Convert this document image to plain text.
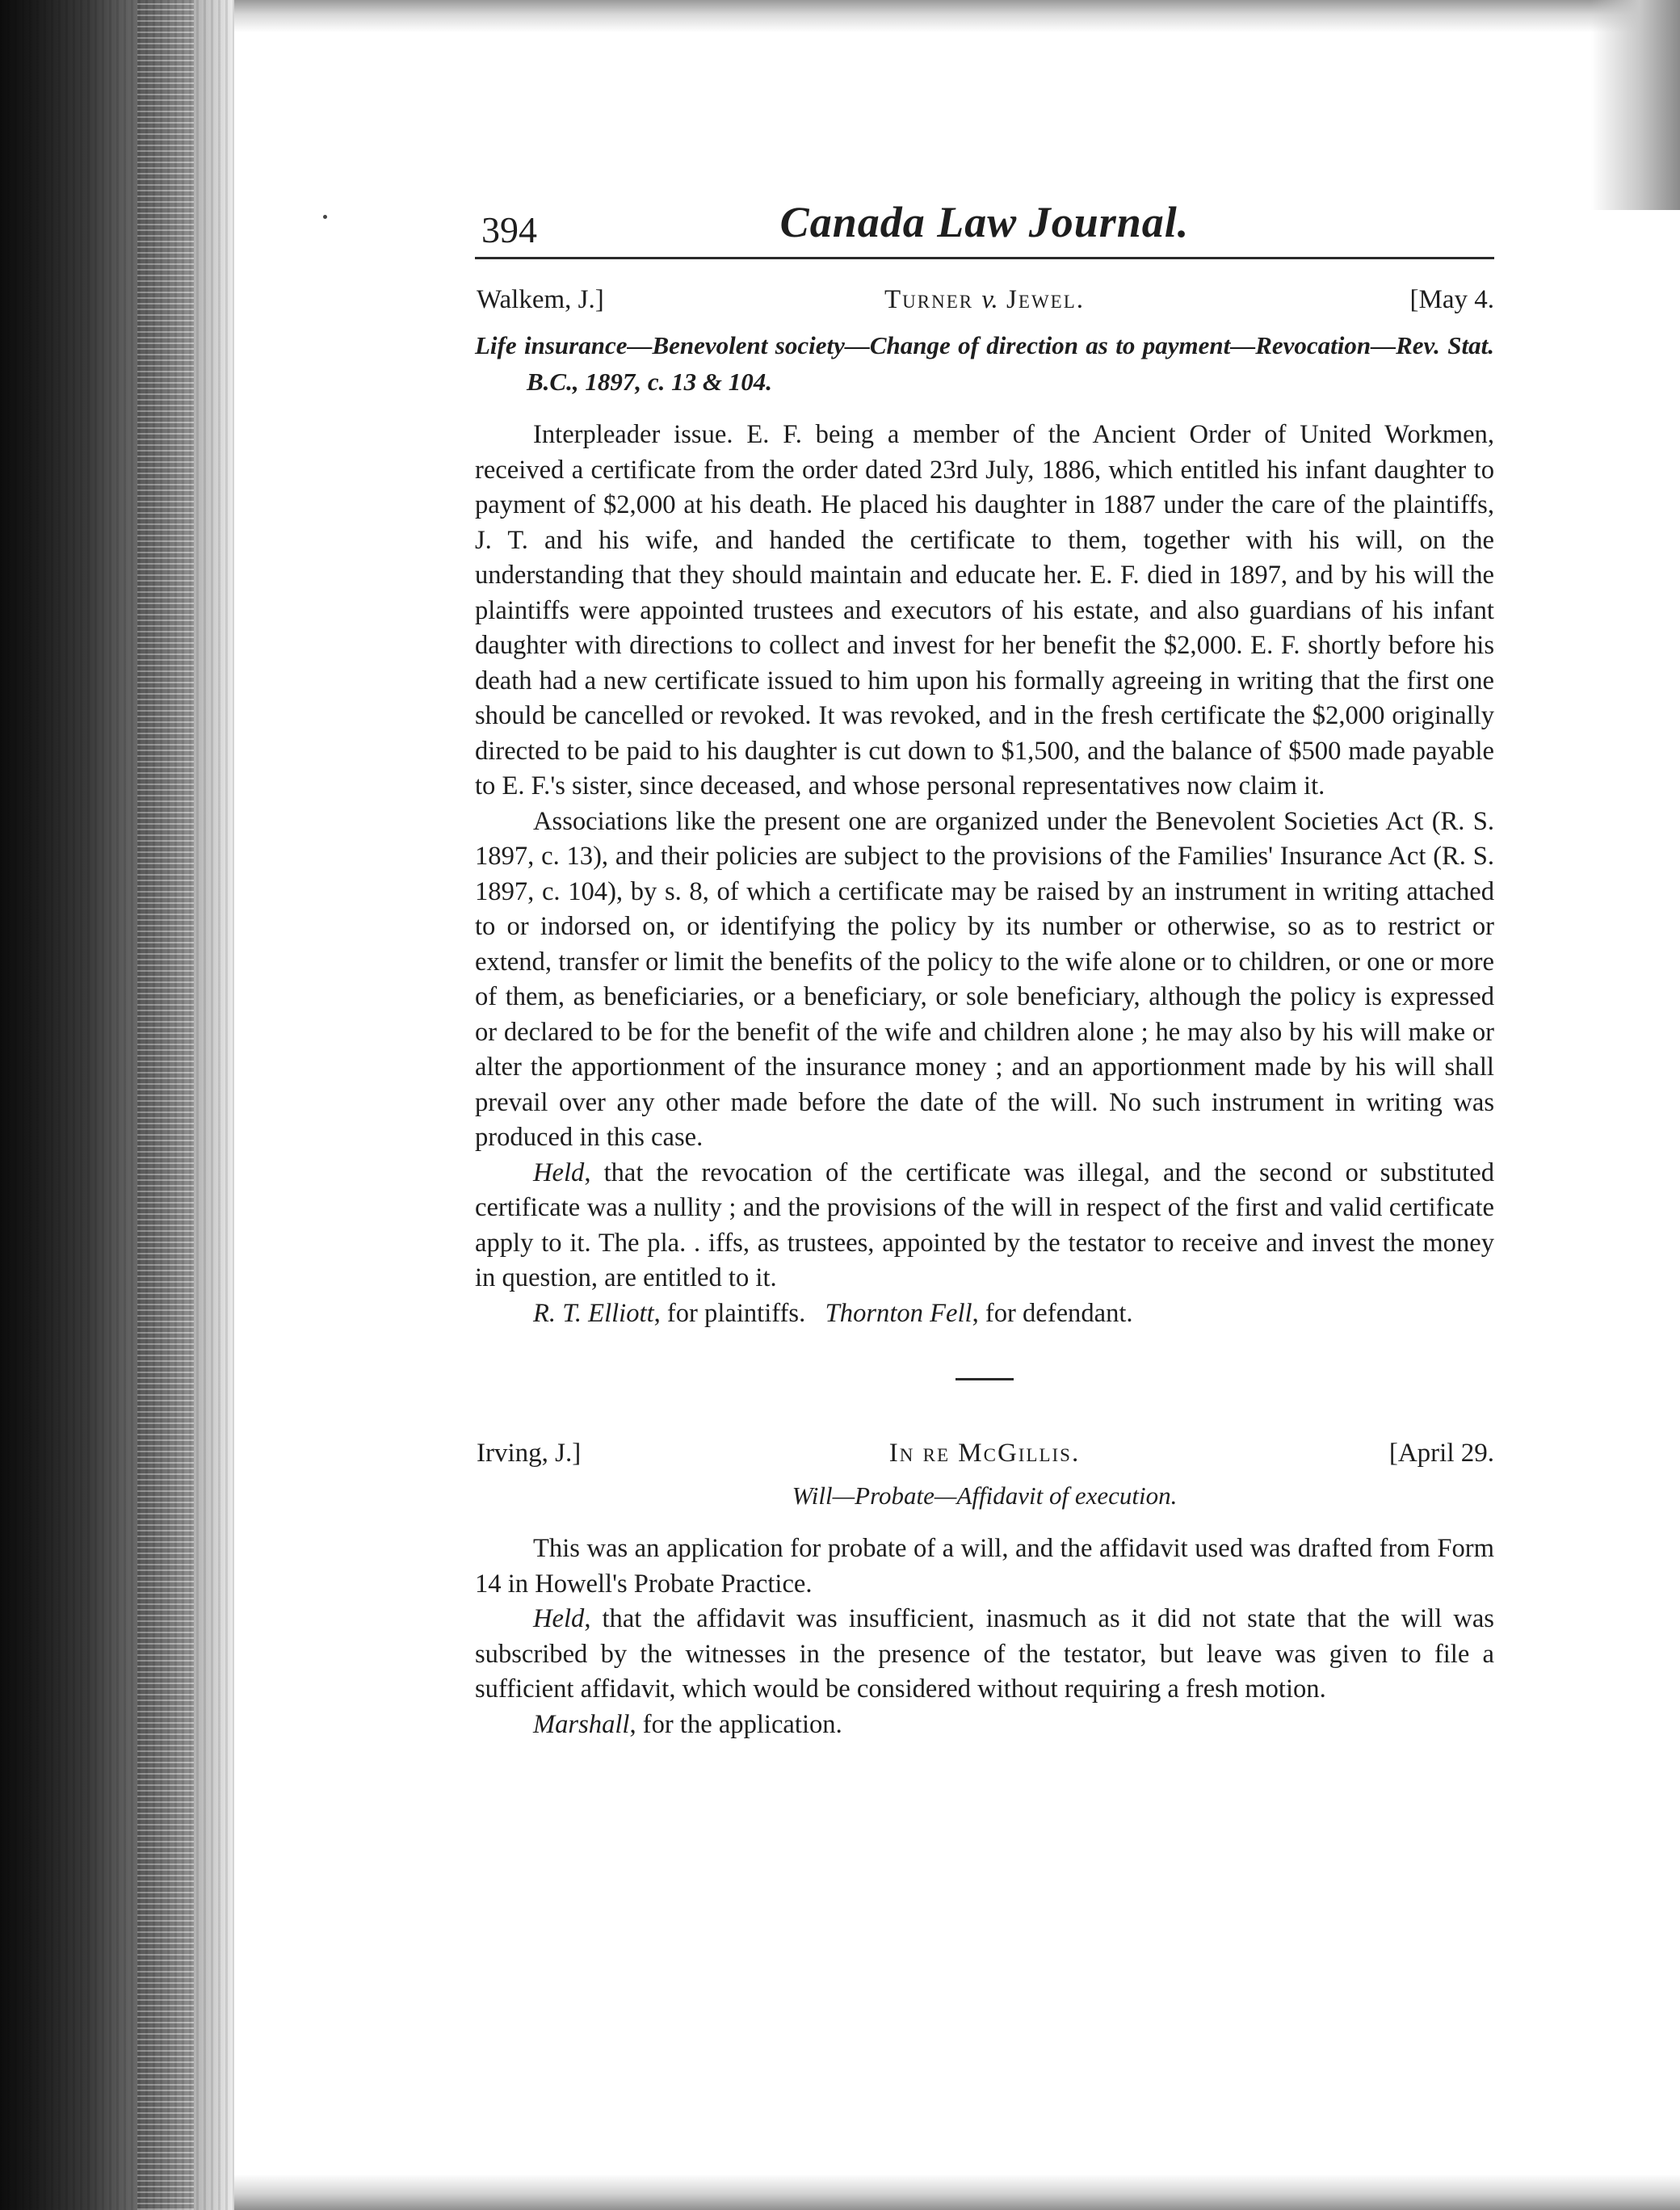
394	Canada Law Journal.
Walkem, J.]	Turner v. Jewel.	[May 4.
Life insurance—Benevolent society—Change of direction as to payment—Revocation—Rev. Stat. B.C., 1897, c. 13 & 104.

Interpleader issue. E. F. being a member of the Ancient Order of United Workmen, received a certificate from the order dated 23rd July, 1886, which entitled his infant daughter to payment of $2,000 at his death. He placed his daughter in 1887 under the care of the plaintiffs, J. T. and his wife, and handed the certificate to them, together with his will, on the understanding that they should maintain and educate her. E. F. died in 1897, and by his will the plaintiffs were appointed trustees and executors of his estate, and also guardians of his infant daughter with directions to collect and invest for her benefit the $2,000. E. F. shortly before his death had a new certificate issued to him upon his formally agreeing in writing that the first one should be cancelled or revoked. It was revoked, and in the fresh certificate the $2,000 originally directed to be paid to his daughter is cut down to $1,500, and the balance of $500 made payable to E. F.'s sister, since deceased, and whose personal representatives now claim it.

Associations like the present one are organized under the Benevolent Societies Act (R. S. 1897, c. 13), and their policies are subject to the provisions of the Families' Insurance Act (R. S. 1897, c. 104), by s. 8, of which a certificate may be raised by an instrument in writing attached to or indorsed on, or identifying the policy by its number or otherwise, so as to restrict or extend, transfer or limit the benefits of the policy to the wife alone or to children, or one or more of them, as beneficiaries, or a beneficiary, or sole beneficiary, although the policy is expressed or declared to be for the benefit of the wife and children alone ; he may also by his will make or alter the apportionment of the insurance money ; and an apportionment made by his will shall prevail over any other made before the date of the will. No such instrument in writing was produced in this case.

Held, that the revocation of the certificate was illegal, and the second or substituted certificate was a nullity ; and the provisions of the will in respect of the first and valid certificate apply to it. The pla. . iffs, as trustees, appointed by the testator to receive and invest the money in question, are entitled to it.

R. T. Elliott, for plaintiffs. Thornton Fell, for defendant.

Irving, J.]	In re McGillis.	[April 29.
Will—Probate—Affidavit of execution.

This was an application for probate of a will, and the affidavit used was drafted from Form 14 in Howell's Probate Practice.

Held, that the affidavit was insufficient, inasmuch as it did not state that the will was subscribed by the witnesses in the presence of the testator, but leave was given to file a sufficient affidavit, which would be considered without requiring a fresh motion.

Marshall, for the application.
